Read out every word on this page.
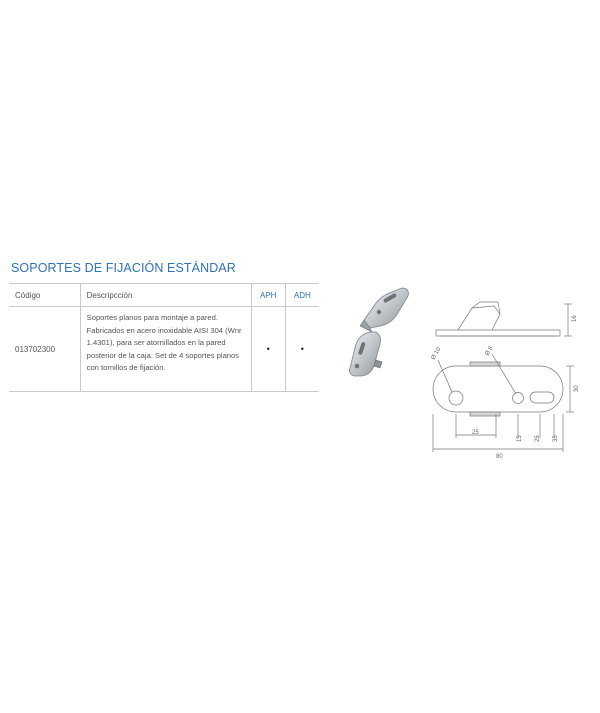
SOPORTES DE FIJACIÓN ESTÁNDAR
Código	Descripcción	APH	ADH
013702300	Soportes planos para montaje a pared.
Fabricados en acero inoxidable AISI 304 (Wnr
1.4301), para ser atornillados en la pared
posterior de la caja. Set de 4 soportes planos
con tornillos de fijación.	•	•
16
Ø 10	Ø 8
30
25
15 25 35
80
